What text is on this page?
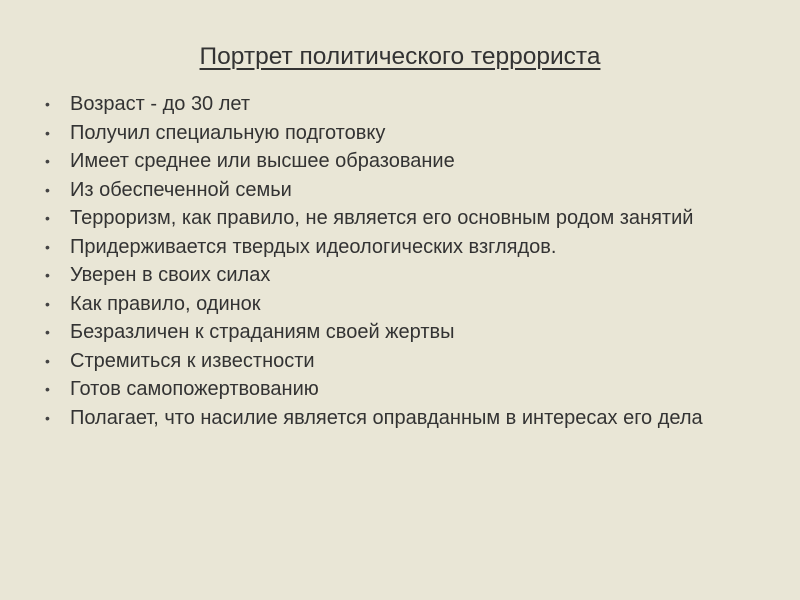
Портрет политического террориста
• Возраст - до 30 лет
• Получил специальную подготовку
• Имеет среднее или высшее образование
• Из обеспеченной семьи
• Терроризм, как правило, не является его основным родом занятий
• Придерживается твердых идеологических взглядов.
• Уверен в своих силах
• Как правило, одинок
• Безразличен к страданиям своей жертвы
• Стремиться к известности
• Готов самопожертвованию
• Полагает, что насилие является оправданным в интересах его дела
